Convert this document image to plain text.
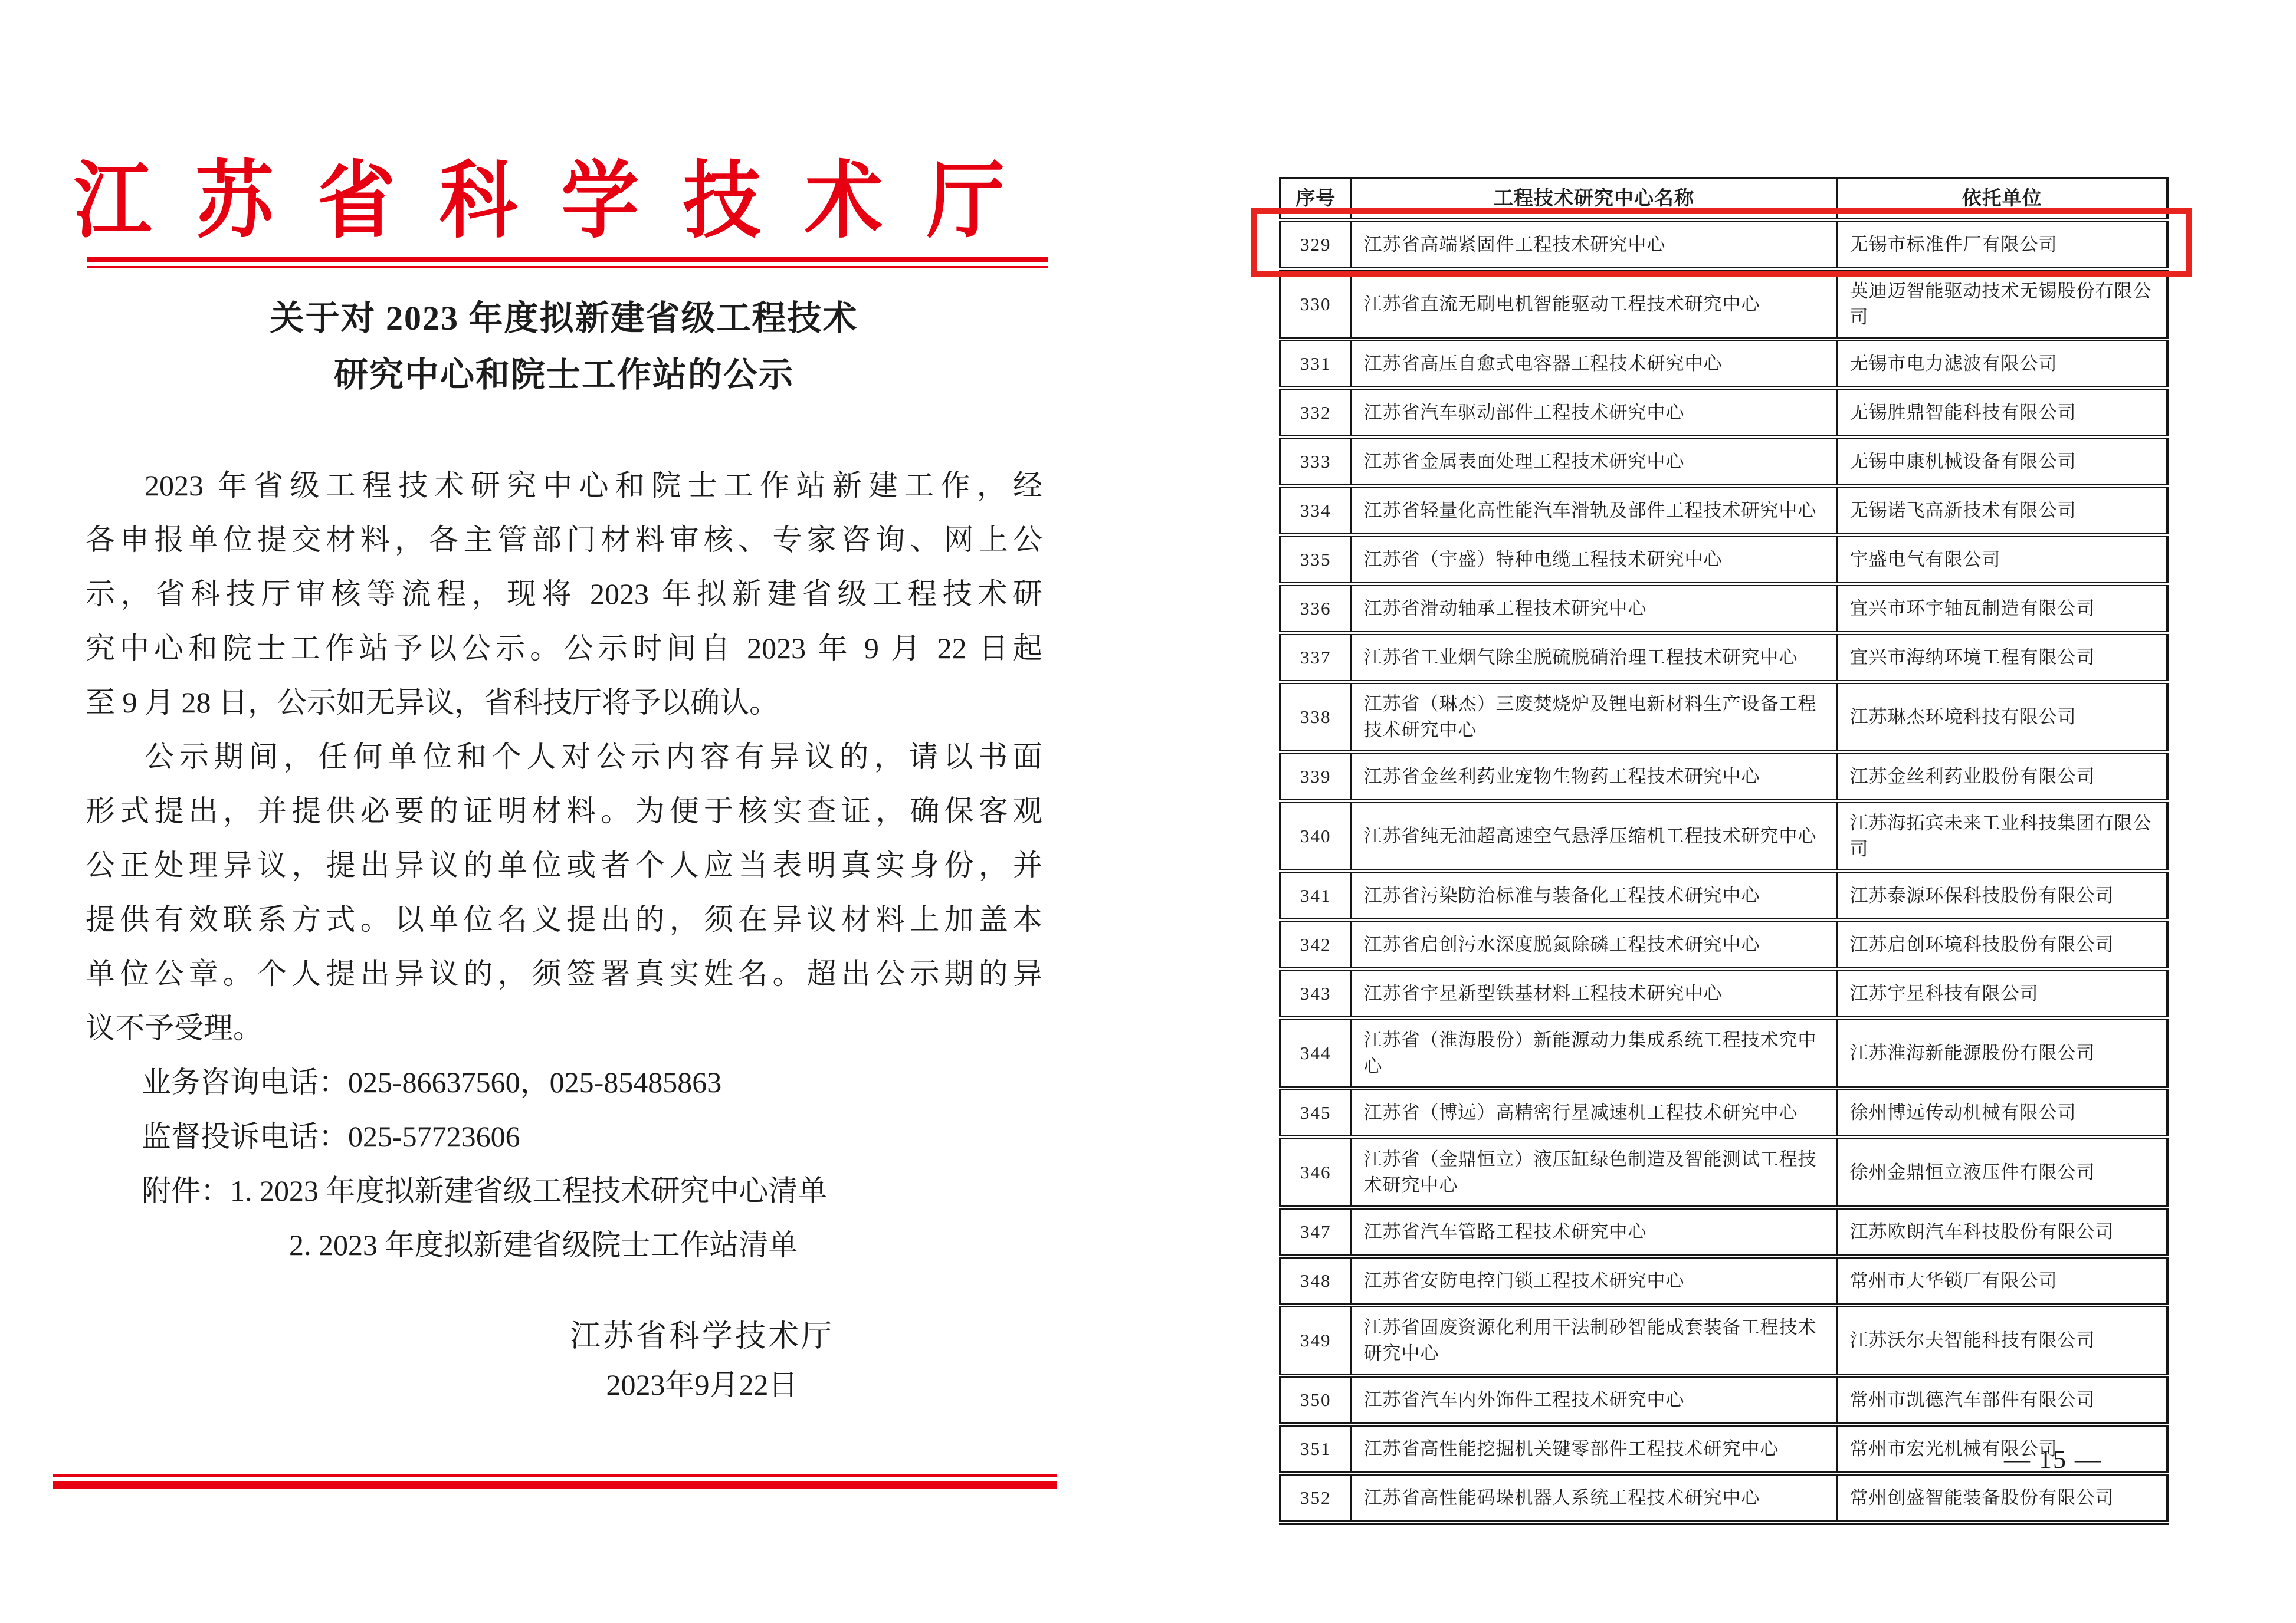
江 苏 省 科 学 技 术 厅
关于对 2023 年度拟新建省级工程技术
研究中心和院士工作站的公示
2023 年省级工程技术研究中心和院士工作站新建工作，经
各申报单位提交材料，各主管部门材料审核、专家咨询、网上公
示，省科技厅审核等流程，现将 2023 年拟新建省级工程技术研
究中心和院士工作站予以公示。公示时间自 2023 年 9 月 22 日起
至 9 月 28 日，公示如无异议，省科技厅将予以确认。
公示期间，任何单位和个人对公示内容有异议的，请以书面
形式提出，并提供必要的证明材料。为便于核实查证，确保客观
公正处理异议，提出异议的单位或者个人应当表明真实身份，并
提供有效联系方式。以单位名义提出的，须在异议材料上加盖本
单位公章。个人提出异议的，须签署真实姓名。超出公示期的异
议不予受理。
业务咨询电话：025-86637560，025-85485863
监督投诉电话：025-57723606
附件：1. 2023 年度拟新建省级工程技术研究中心清单
2. 2023 年度拟新建省级院士工作站清单
江苏省科学技术厅
2023年9月22日
序号	工程技术研究中心名称	依托单位
329	江苏省高端紧固件工程技术研究中心	无锡市标准件厂有限公司
330	江苏省直流无刷电机智能驱动工程技术研究中心	英迪迈智能驱动技术无锡股份有限公司
331	江苏省高压自愈式电容器工程技术研究中心	无锡市电力滤波有限公司
332	江苏省汽车驱动部件工程技术研究中心	无锡胜鼎智能科技有限公司
333	江苏省金属表面处理工程技术研究中心	无锡申康机械设备有限公司
334	江苏省轻量化高性能汽车滑轨及部件工程技术研究中心	无锡诺飞高新技术有限公司
335	江苏省（宇盛）特种电缆工程技术研究中心	宇盛电气有限公司
336	江苏省滑动轴承工程技术研究中心	宜兴市环宇轴瓦制造有限公司
337	江苏省工业烟气除尘脱硫脱硝治理工程技术研究中心	宜兴市海纳环境工程有限公司
338	江苏省（琳杰）三废焚烧炉及锂电新材料生产设备工程技术研究中心	江苏琳杰环境科技有限公司
339	江苏省金丝利药业宠物生物药工程技术研究中心	江苏金丝利药业股份有限公司
340	江苏省纯无油超高速空气悬浮压缩机工程技术研究中心	江苏海拓宾未来工业科技集团有限公司
341	江苏省污染防治标准与装备化工程技术研究中心	江苏泰源环保科技股份有限公司
342	江苏省启创污水深度脱氮除磷工程技术研究中心	江苏启创环境科技股份有限公司
343	江苏省宇星新型铁基材料工程技术研究中心	江苏宇星科技有限公司
344	江苏省（淮海股份）新能源动力集成系统工程技术究中心	江苏淮海新能源股份有限公司
345	江苏省（博远）高精密行星减速机工程技术研究中心	徐州博远传动机械有限公司
346	江苏省（金鼎恒立）液压缸绿色制造及智能测试工程技术研究中心	徐州金鼎恒立液压件有限公司
347	江苏省汽车管路工程技术研究中心	江苏欧朗汽车科技股份有限公司
348	江苏省安防电控门锁工程技术研究中心	常州市大华锁厂有限公司
349	江苏省固废资源化利用干法制砂智能成套装备工程技术研究中心	江苏沃尔夫智能科技有限公司
350	江苏省汽车内外饰件工程技术研究中心	常州市凯德汽车部件有限公司
351	江苏省高性能挖掘机关键零部件工程技术研究中心	常州市宏光机械有限公司
352	江苏省高性能码垛机器人系统工程技术研究中心	常州创盛智能装备股份有限公司
— 15 —
